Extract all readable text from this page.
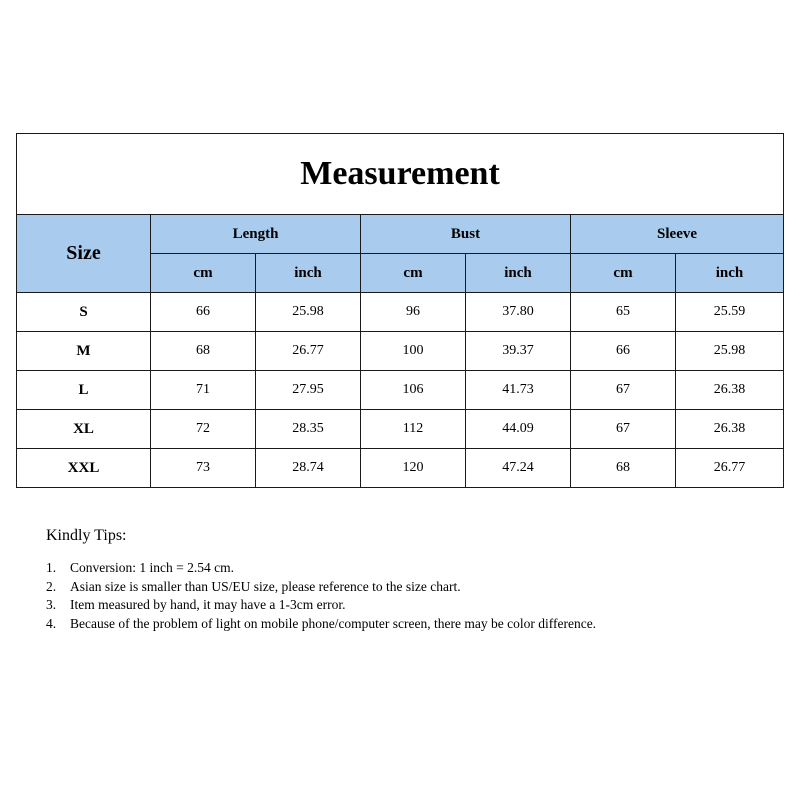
Measurement						
Size	Length		Bust		Sleeve	
	cm	inch	cm	inch	cm	inch
S	66	25.98	96	37.80	65	25.59
M	68	26.77	100	39.37	66	25.98
L	71	27.95	106	41.73	67	26.38
XL	72	28.35	112	44.09	67	26.38
XXL	73	28.74	120	47.24	68	26.77
Kindly Tips:
1. Conversion: 1 inch = 2.54 cm.
2. Asian size is smaller than US/EU size, please reference to the size chart.
3. Item measured by hand, it may have a 1-3cm error.
4. Because of the problem of light on mobile phone/computer screen, there may be color difference.
